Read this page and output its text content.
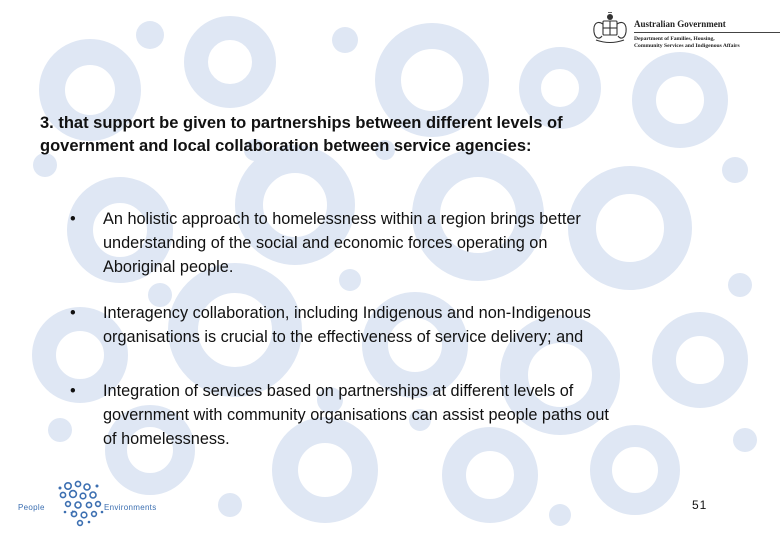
Australian Government
Department of Families, Housing,
Community Services and Indigenous Affairs
3. that support be given to partnerships between different levels of
government and local collaboration between service agencies:
• An holistic approach to homelessness within a region brings better
understanding of the social and economic forces operating on
Aboriginal people.
• Interagency collaboration, including Indigenous and non-Indigenous
organisations is crucial to the effectiveness of service delivery; and
• Integration of services based on partnerships at different levels of
government with community organisations can assist people paths out
of homelessness.
People
+
Environments	51
